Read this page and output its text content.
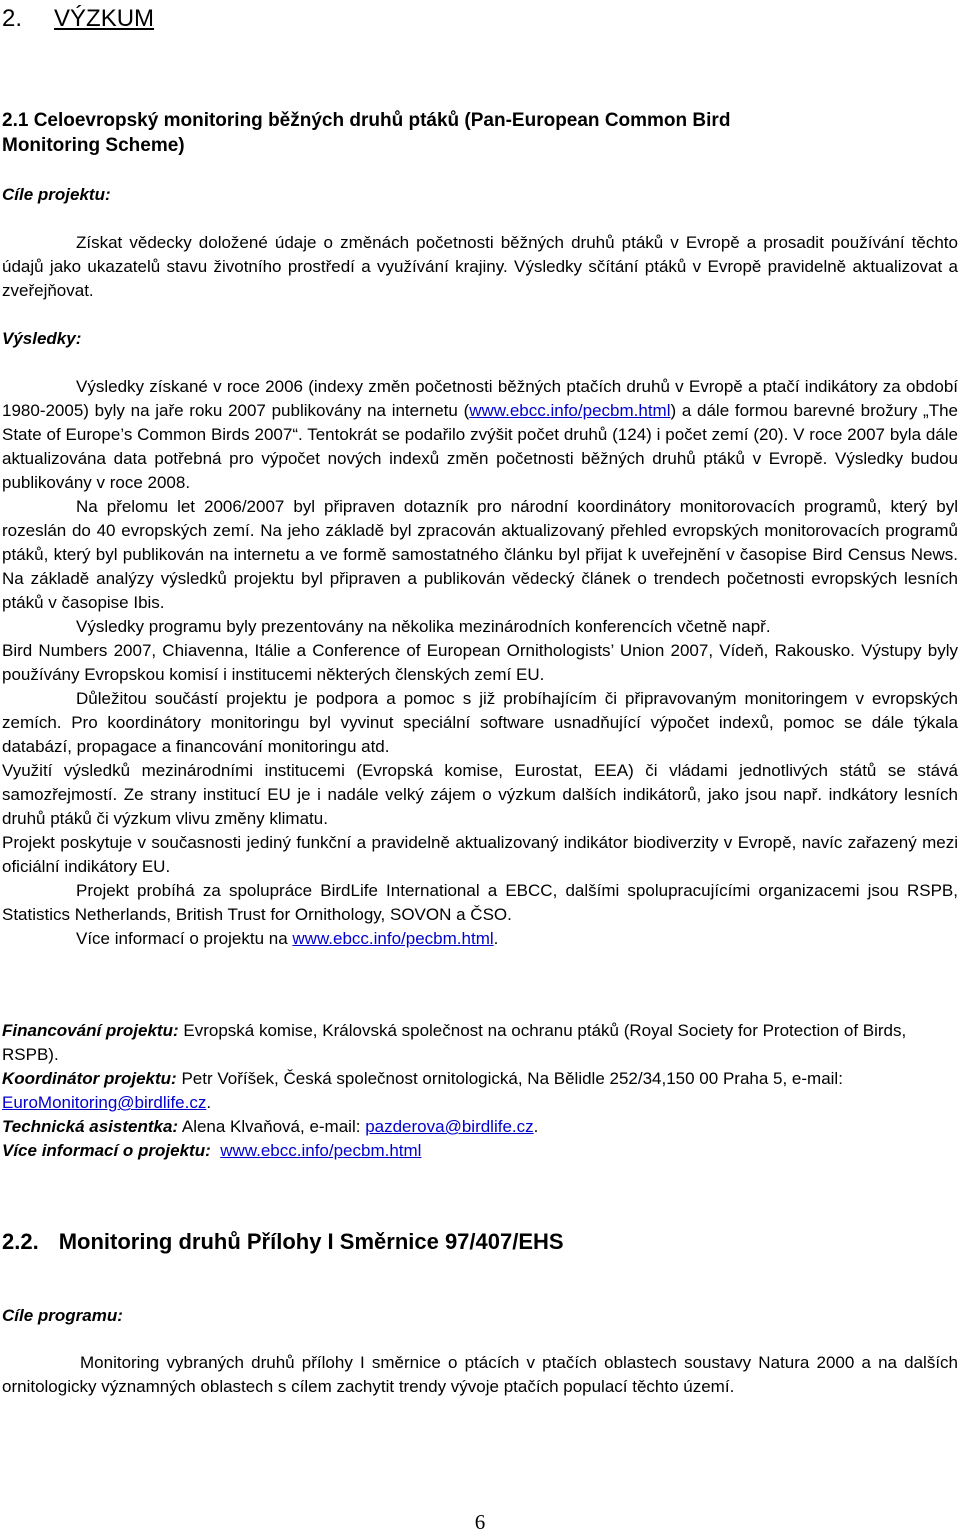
2. VÝZKUM
2.1 Celoevropský monitoring běžných druhů ptáků (Pan-European Common Bird Monitoring Scheme)
Cíle projektu:
Získat vědecky doložené údaje o změnách početnosti běžných druhů ptáků v Evropě a prosadit používání těchto údajů jako ukazatelů stavu životního prostředí a využívání krajiny. Výsledky sčítání ptáků v Evropě pravidelně aktualizovat a zveřejňovat.
Výsledky:
Výsledky získané v roce 2006 (indexy změn početnosti běžných ptačích druhů v Evropě a ptačí indikátory za období 1980-2005) byly na jaře roku 2007 publikovány na internetu (www.ebcc.info/pecbm.html) a dále formou barevné brožury „The State of Europe’s Common Birds 2007“. Tentokrát se podařilo zvýšit počet druhů (124) i počet zemí (20). V roce 2007 byla dále aktualizována data potřebná pro výpočet nových indexů změn početnosti běžných druhů ptáků v Evropě. Výsledky budou publikovány v roce 2008.
Na přelomu let 2006/2007 byl připraven dotazník pro národní koordinátory monitorovacích programů, který byl rozeslán do 40 evropských zemí. Na jeho základě byl zpracován aktualizovaný přehled evropských monitorovacích programů ptáků, který byl publikován na internetu a ve formě samostatného článku byl přijat k uveřejnění v časopise Bird Census News. Na základě analýzy výsledků projektu byl připraven a publikován vědecký článek o trendech početnosti evropských lesních ptáků v časopise Ibis.
Výsledky programu byly prezentovány na několika mezinárodních konferencích včetně např.
Bird Numbers 2007, Chiavenna, Itálie a Conference of European Ornithologists’ Union 2007, Vídeň, Rakousko. Výstupy byly používány Evropskou komisí i institucemi některých členských zemí EU.
Důležitou součástí projektu je podpora a pomoc s již probíhajícím či připravovaným monitoringem v evropských zemích. Pro koordinátory monitoringu byl vyvinut speciální software usnadňující výpočet indexů, pomoc se dále týkala databází, propagace a financování monitoringu atd.
Využití výsledků mezinárodními institucemi (Evropská komise, Eurostat, EEA) či vládami jednotlivých států se stává samozřejmostí. Ze strany institucí EU je i nadále velký zájem o výzkum dalších indikátorů, jako jsou např. indkátory lesních druhů ptáků či výzkum vlivu změny klimatu.
Projekt poskytuje v současnosti jediný funkční a pravidelně aktualizovaný indikátor biodiverzity v Evropě, navíc zařazený mezi oficiální indikátory EU.
Projekt probíhá za spolupráce BirdLife International a EBCC, dalšími spolupracujícími organizacemi jsou RSPB, Statistics Netherlands, British Trust for Ornithology, SOVON a ČSO.
Více informací o projektu na www.ebcc.info/pecbm.html.
Financování projektu: Evropská komise, Královská společnost na ochranu ptáků (Royal Society for Protection of Birds, RSPB).
Koordinátor projektu: Petr Voříšek, Česká společnost ornitologická, Na Bělidle 252/34,150 00 Praha 5, e-mail: EuroMonitoring@birdlife.cz.
Technická asistentka: Alena Klvaňová, e-mail: pazderova@birdlife.cz.
Více informací o projektu: www.ebcc.info/pecbm.html
2.2. Monitoring druhů Přílohy I Směrnice 97/407/EHS
Cíle programu:
Monitoring vybraných druhů přílohy I směrnice o ptácích v ptačích oblastech soustavy Natura 2000 a na dalších ornitologicky významných oblastech s cílem zachytit trendy vývoje ptačích populací těchto území.
6
